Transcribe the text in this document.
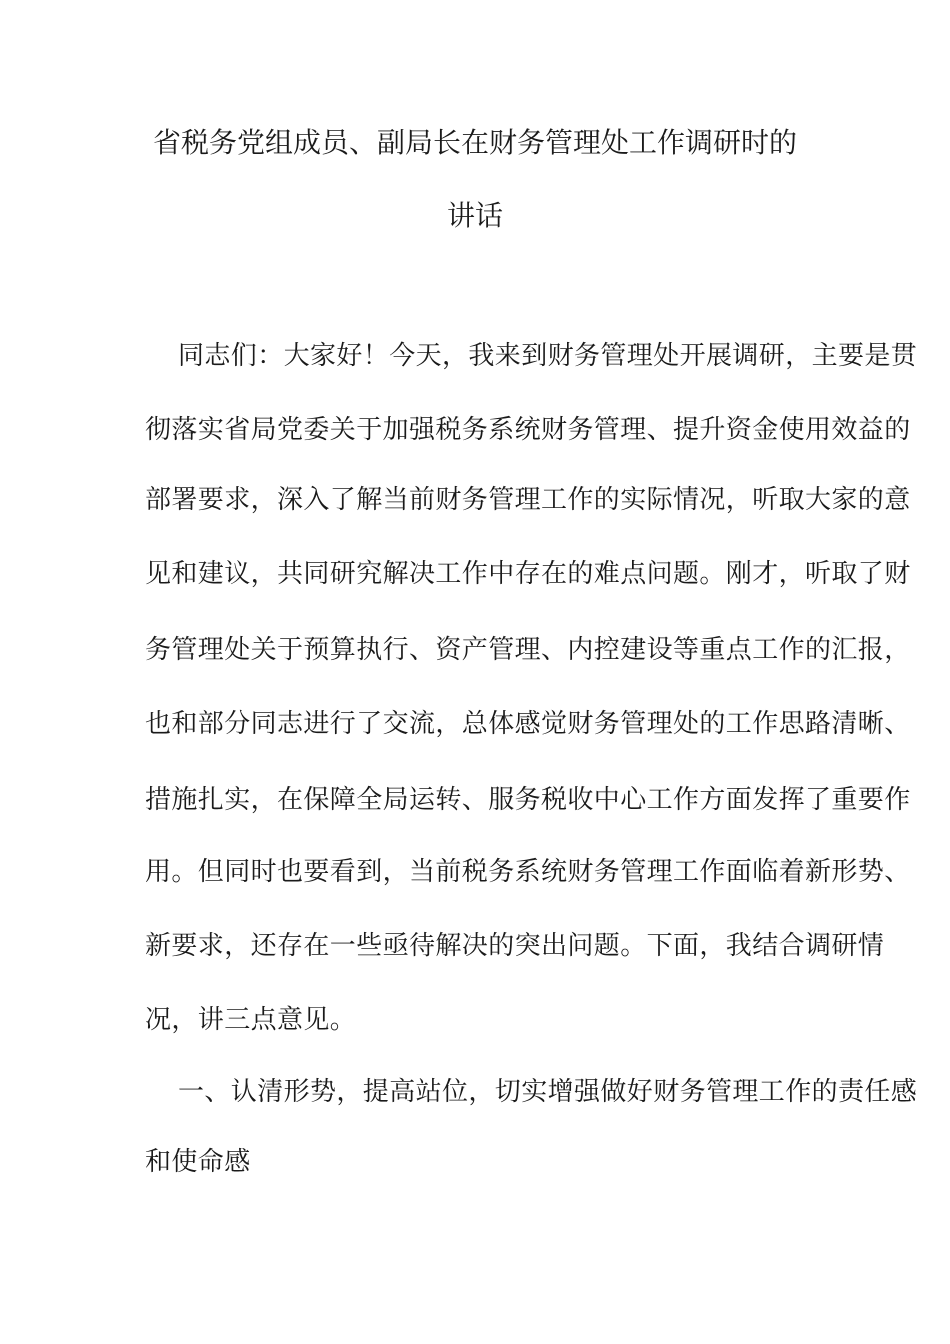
省税务党组成员、副局长在财务管理处工作调研时的
讲话
同志们：大家好！今天，我来到财务管理处开展调研，主要是贯
彻落实省局党委关于加强税务系统财务管理、提升资金使用效益的
部署要求，深入了解当前财务管理工作的实际情况，听取大家的意
见和建议，共同研究解决工作中存在的难点问题。刚才，听取了财
务管理处关于预算执行、资产管理、内控建设等重点工作的汇报，
也和部分同志进行了交流，总体感觉财务管理处的工作思路清晰、
措施扎实，在保障全局运转、服务税收中心工作方面发挥了重要作
用。但同时也要看到，当前税务系统财务管理工作面临着新形势、
新要求，还存在一些亟待解决的突出问题。下面，我结合调研情
况，讲三点意见。
一、认清形势，提高站位，切实增强做好财务管理工作的责任感
和使命感
